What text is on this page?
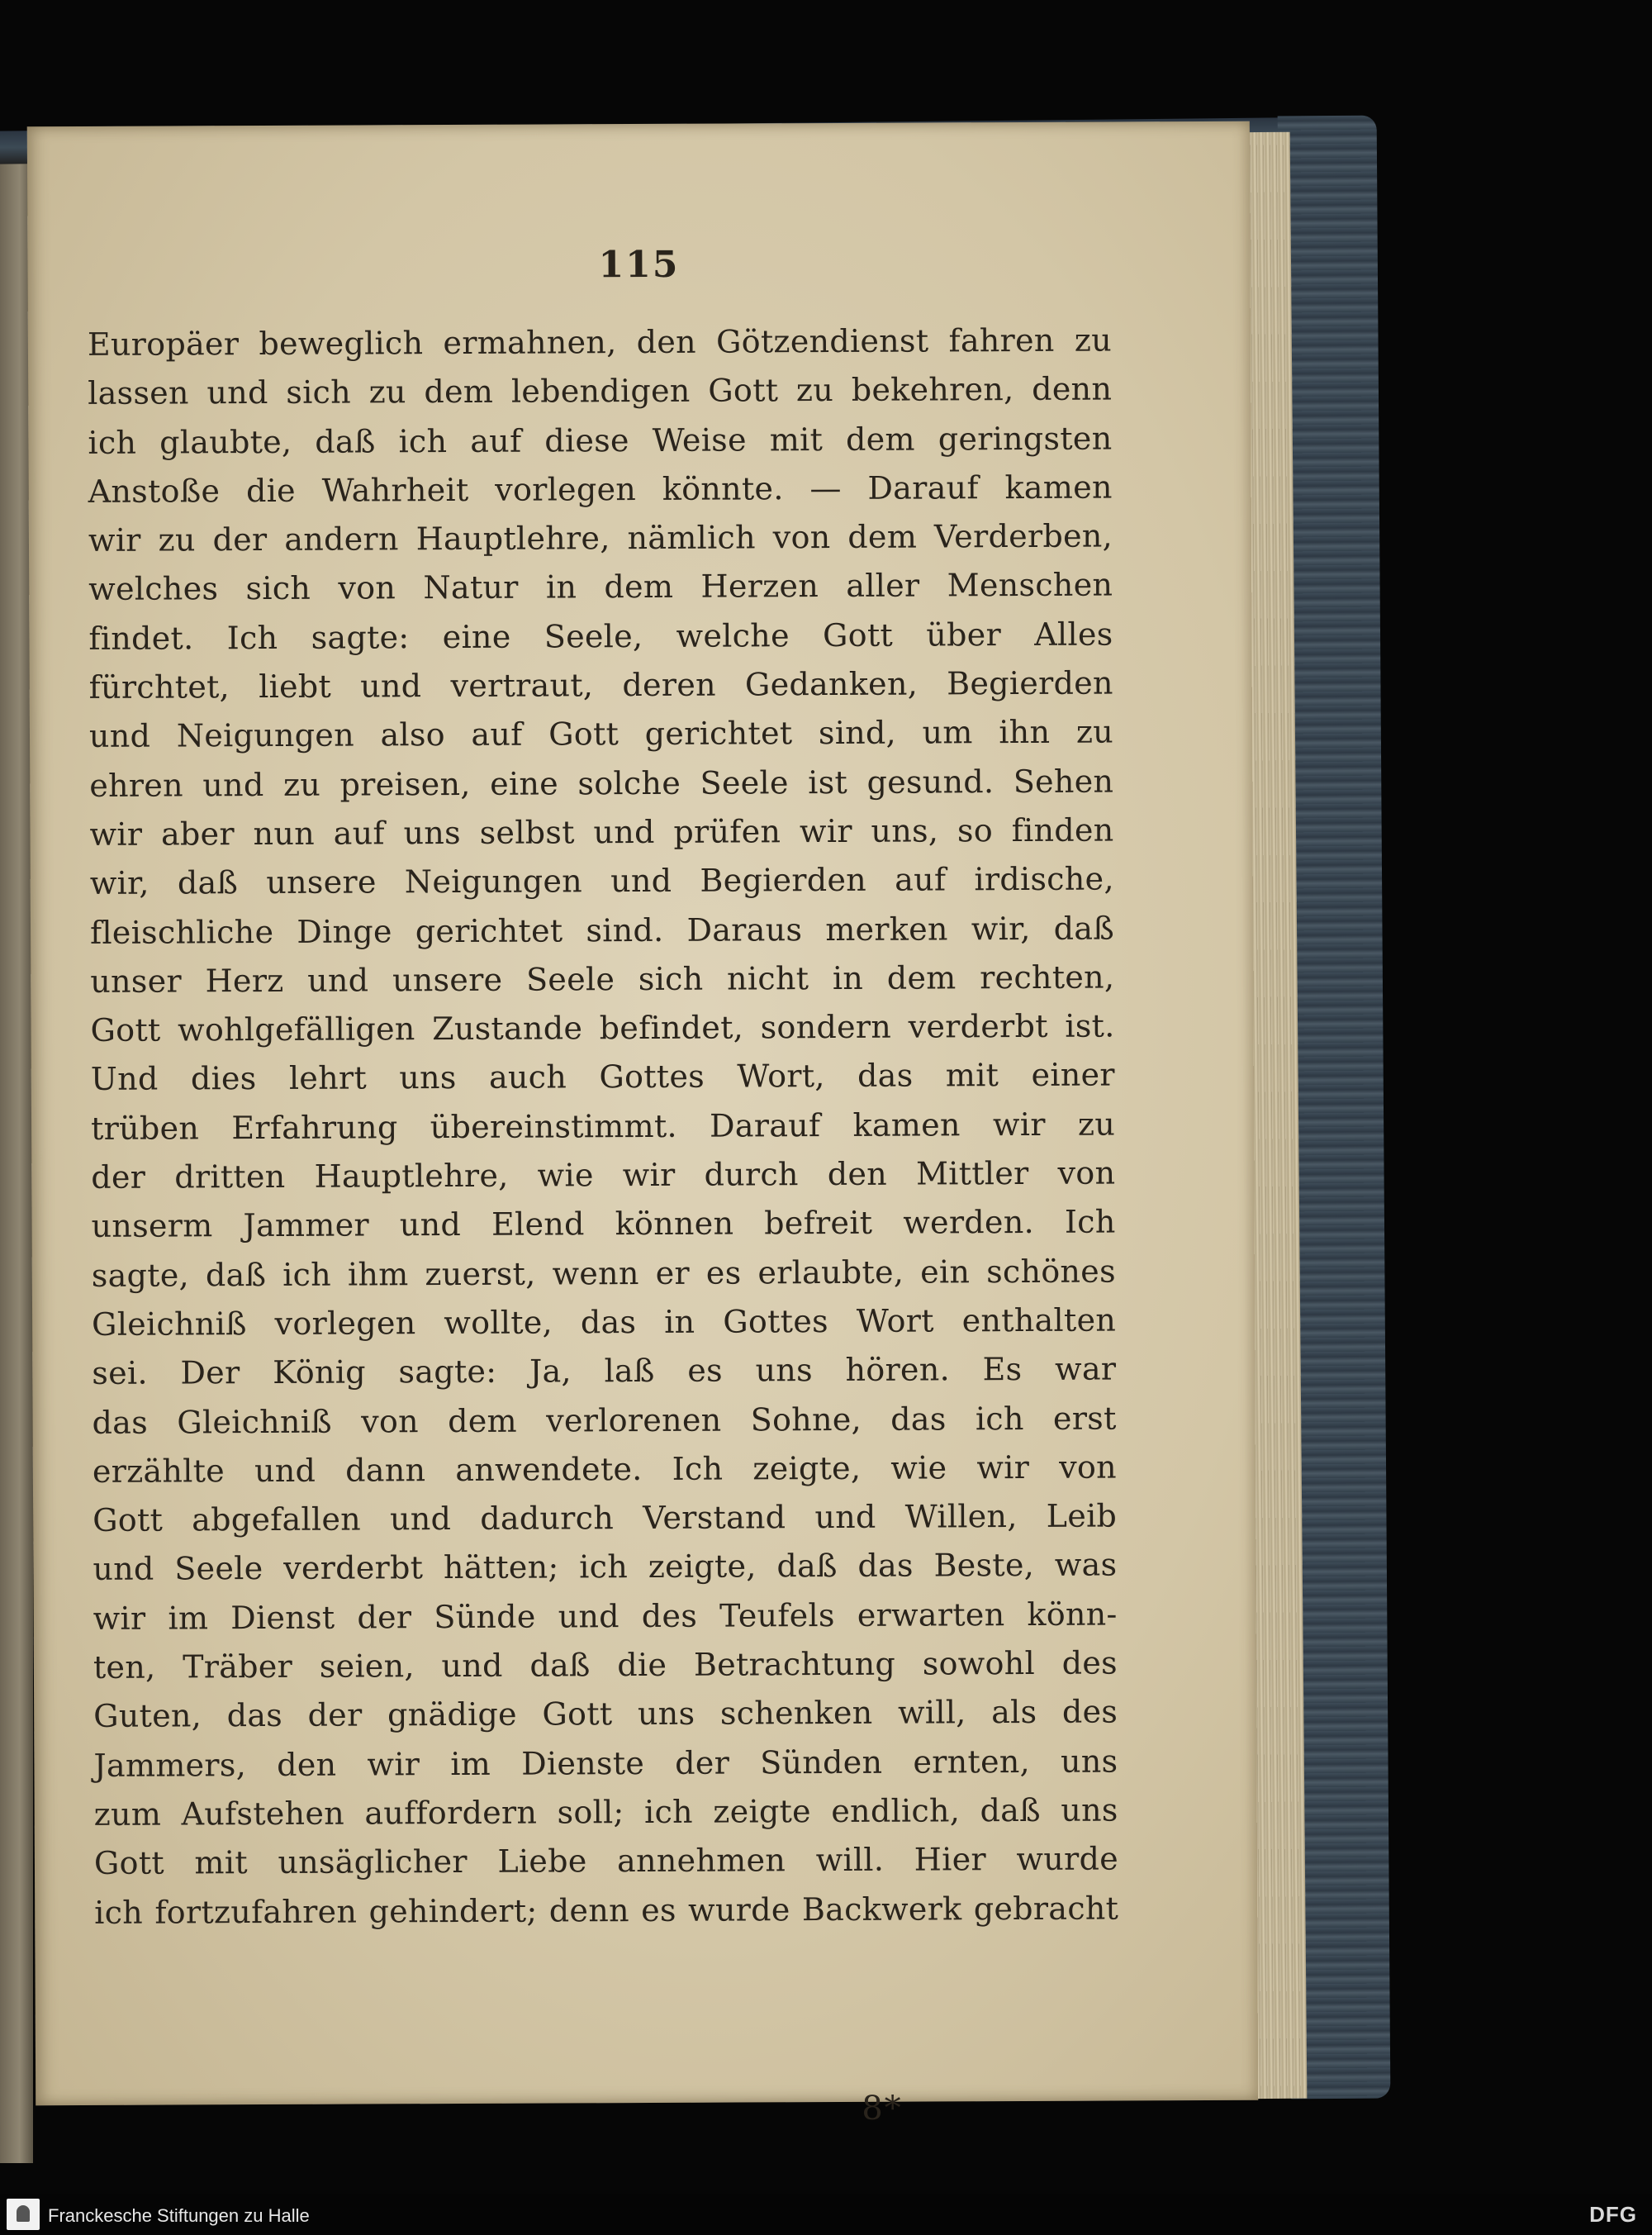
115
Europäer beweglich ermahnen, den Götzendienst fahren zu
lassen und sich zu dem lebendigen Gott zu bekehren, denn
ich glaubte, daß ich auf diese Weise mit dem geringsten
Anstoße die Wahrheit vorlegen könnte. — Darauf kamen
wir zu der andern Hauptlehre, nämlich von dem Verderben,
welches sich von Natur in dem Herzen aller Menschen
findet. Ich sagte: eine Seele, welche Gott über Alles
fürchtet, liebt und vertraut, deren Gedanken, Begierden
und Neigungen also auf Gott gerichtet sind, um ihn zu
ehren und zu preisen, eine solche Seele ist gesund. Sehen
wir aber nun auf uns selbst und prüfen wir uns, so finden
wir, daß unsere Neigungen und Begierden auf irdische,
fleischliche Dinge gerichtet sind. Daraus merken wir, daß
unser Herz und unsere Seele sich nicht in dem rechten,
Gott wohlgefälligen Zustande befindet, sondern verderbt ist.
Und dies lehrt uns auch Gottes Wort, das mit einer
trüben Erfahrung übereinstimmt. Darauf kamen wir zu
der dritten Hauptlehre, wie wir durch den Mittler von
unserm Jammer und Elend können befreit werden. Ich
sagte, daß ich ihm zuerst, wenn er es erlaubte, ein schönes
Gleichniß vorlegen wollte, das in Gottes Wort enthalten
sei. Der König sagte: Ja, laß es uns hören. Es war
das Gleichniß von dem verlorenen Sohne, das ich erst
erzählte und dann anwendete. Ich zeigte, wie wir von
Gott abgefallen und dadurch Verstand und Willen, Leib
und Seele verderbt hätten; ich zeigte, daß das Beste, was
wir im Dienst der Sünde und des Teufels erwarten könn-
ten, Träber seien, und daß die Betrachtung sowohl des
Guten, das der gnädige Gott uns schenken will, als des
Jammers, den wir im Dienste der Sünden ernten, uns
zum Aufstehen auffordern soll; ich zeigte endlich, daß uns
Gott mit unsäglicher Liebe annehmen will. Hier wurde
ich fortzufahren gehindert; denn es wurde Backwerk gebracht
8*
Franckesche Stiftungen zu Halle	DFG
